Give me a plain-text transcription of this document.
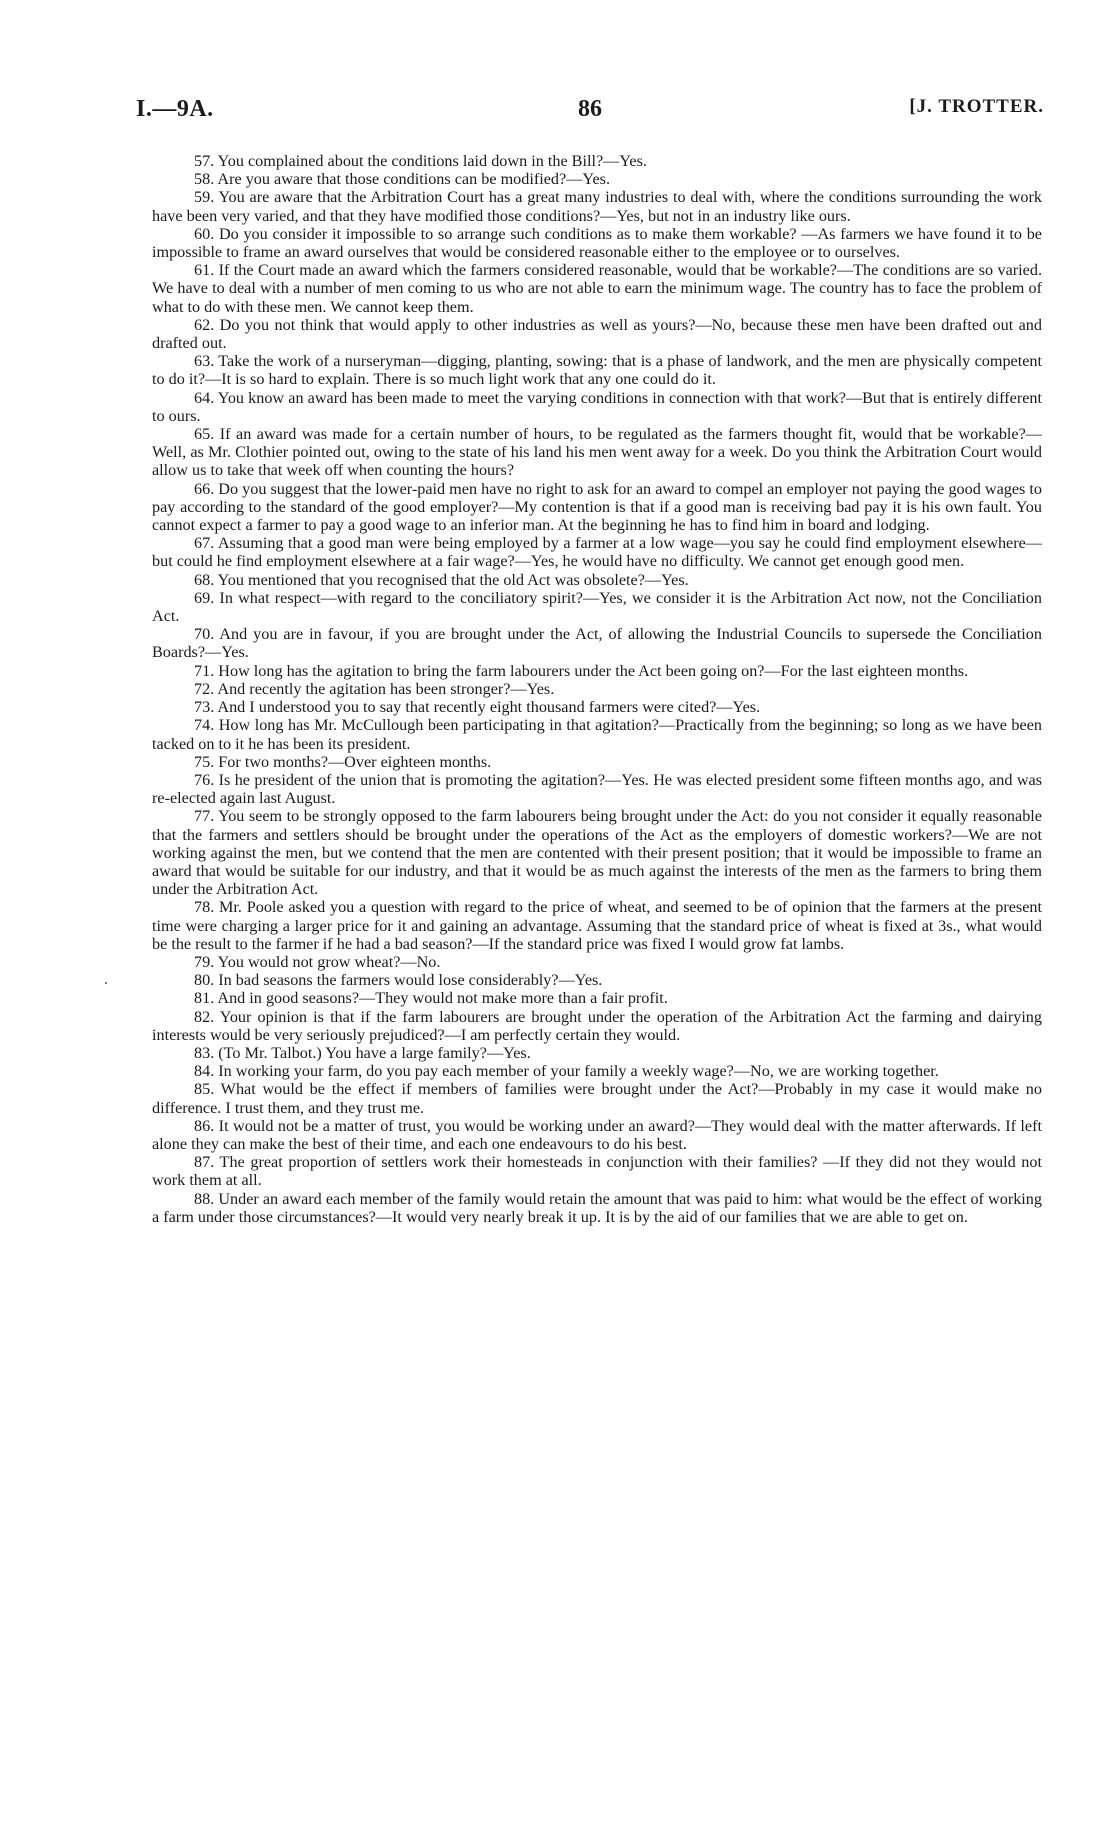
I.—9A.	86	[J. TROTTER.

57. You complained about the conditions laid down in the Bill?—Yes.

58. Are you aware that those conditions can be modified?—Yes.

59. You are aware that the Arbitration Court has a great many industries to deal with, where the conditions surrounding the work have been very varied, and that they have modified those conditions?—Yes, but not in an industry like ours.

60. Do you consider it impossible to so arrange such conditions as to make them workable? —As farmers we have found it to be impossible to frame an award ourselves that would be considered reasonable either to the employee or to ourselves.

61. If the Court made an award which the farmers considered reasonable, would that be workable?—The conditions are so varied. We have to deal with a number of men coming to us who are not able to earn the minimum wage. The country has to face the problem of what to do with these men. We cannot keep them.

62. Do you not think that would apply to other industries as well as yours?—No, because these men have been drafted out and drafted out.

63. Take the work of a nurseryman—digging, planting, sowing: that is a phase of landwork, and the men are physically competent to do it?—It is so hard to explain. There is so much light work that any one could do it.

64. You know an award has been made to meet the varying conditions in connection with that work?—But that is entirely different to ours.

65. If an award was made for a certain number of hours, to be regulated as the farmers thought fit, would that be workable?—Well, as Mr. Clothier pointed out, owing to the state of his land his men went away for a week. Do you think the Arbitration Court would allow us to take that week off when counting the hours?

66. Do you suggest that the lower-paid men have no right to ask for an award to compel an employer not paying the good wages to pay according to the standard of the good employer?—My contention is that if a good man is receiving bad pay it is his own fault. You cannot expect a farmer to pay a good wage to an inferior man. At the beginning he has to find him in board and lodging.

67. Assuming that a good man were being employed by a farmer at a low wage—you say he could find employment elsewhere—but could he find employment elsewhere at a fair wage?—Yes, he would have no difficulty. We cannot get enough good men.

68. You mentioned that you recognised that the old Act was obsolete?—Yes.

69. In what respect—with regard to the conciliatory spirit?—Yes, we consider it is the Arbitration Act now, not the Conciliation Act.

70. And you are in favour, if you are brought under the Act, of allowing the Industrial Councils to supersede the Conciliation Boards?—Yes.

71. How long has the agitation to bring the farm labourers under the Act been going on?—For the last eighteen months.

72. And recently the agitation has been stronger?—Yes.

73. And I understood you to say that recently eight thousand farmers were cited?—Yes.

74. How long has Mr. McCullough been participating in that agitation?—Practically from the beginning; so long as we have been tacked on to it he has been its president.

75. For two months?—Over eighteen months.

76. Is he president of the union that is promoting the agitation?—Yes. He was elected president some fifteen months ago, and was re-elected again last August.

77. You seem to be strongly opposed to the farm labourers being brought under the Act: do you not consider it equally reasonable that the farmers and settlers should be brought under the operations of the Act as the employers of domestic workers?—We are not working against the men, but we contend that the men are contented with their present position; that it would be impossible to frame an award that would be suitable for our industry, and that it would be as much against the interests of the men as the farmers to bring them under the Arbitration Act.

78. Mr. Poole asked you a question with regard to the price of wheat, and seemed to be of opinion that the farmers at the present time were charging a larger price for it and gaining an advantage. Assuming that the standard price of wheat is fixed at 3s., what would be the result to the farmer if he had a bad season?—If the standard price was fixed I would grow fat lambs.

79. You would not grow wheat?—No.

80. In bad seasons the farmers would lose considerably?—Yes.

81. And in good seasons?—They would not make more than a fair profit.

82. Your opinion is that if the farm labourers are brought under the operation of the Arbitration Act the farming and dairying interests would be very seriously prejudiced?—I am perfectly certain they would.

83. (To Mr. Talbot.) You have a large family?—Yes.

84. In working your farm, do you pay each member of your family a weekly wage?—No, we are working together.

85. What would be the effect if members of families were brought under the Act?—Probably in my case it would make no difference. I trust them, and they trust me.

86. It would not be a matter of trust, you would be working under an award?—They would deal with the matter afterwards. If left alone they can make the best of their time, and each one endeavours to do his best.

87. The great proportion of settlers work their homesteads in conjunction with their families? —If they did not they would not work them at all.

88. Under an award each member of the family would retain the amount that was paid to him: what would be the effect of working a farm under those circumstances?—It would very nearly break it up. It is by the aid of our families that we are able to get on.
